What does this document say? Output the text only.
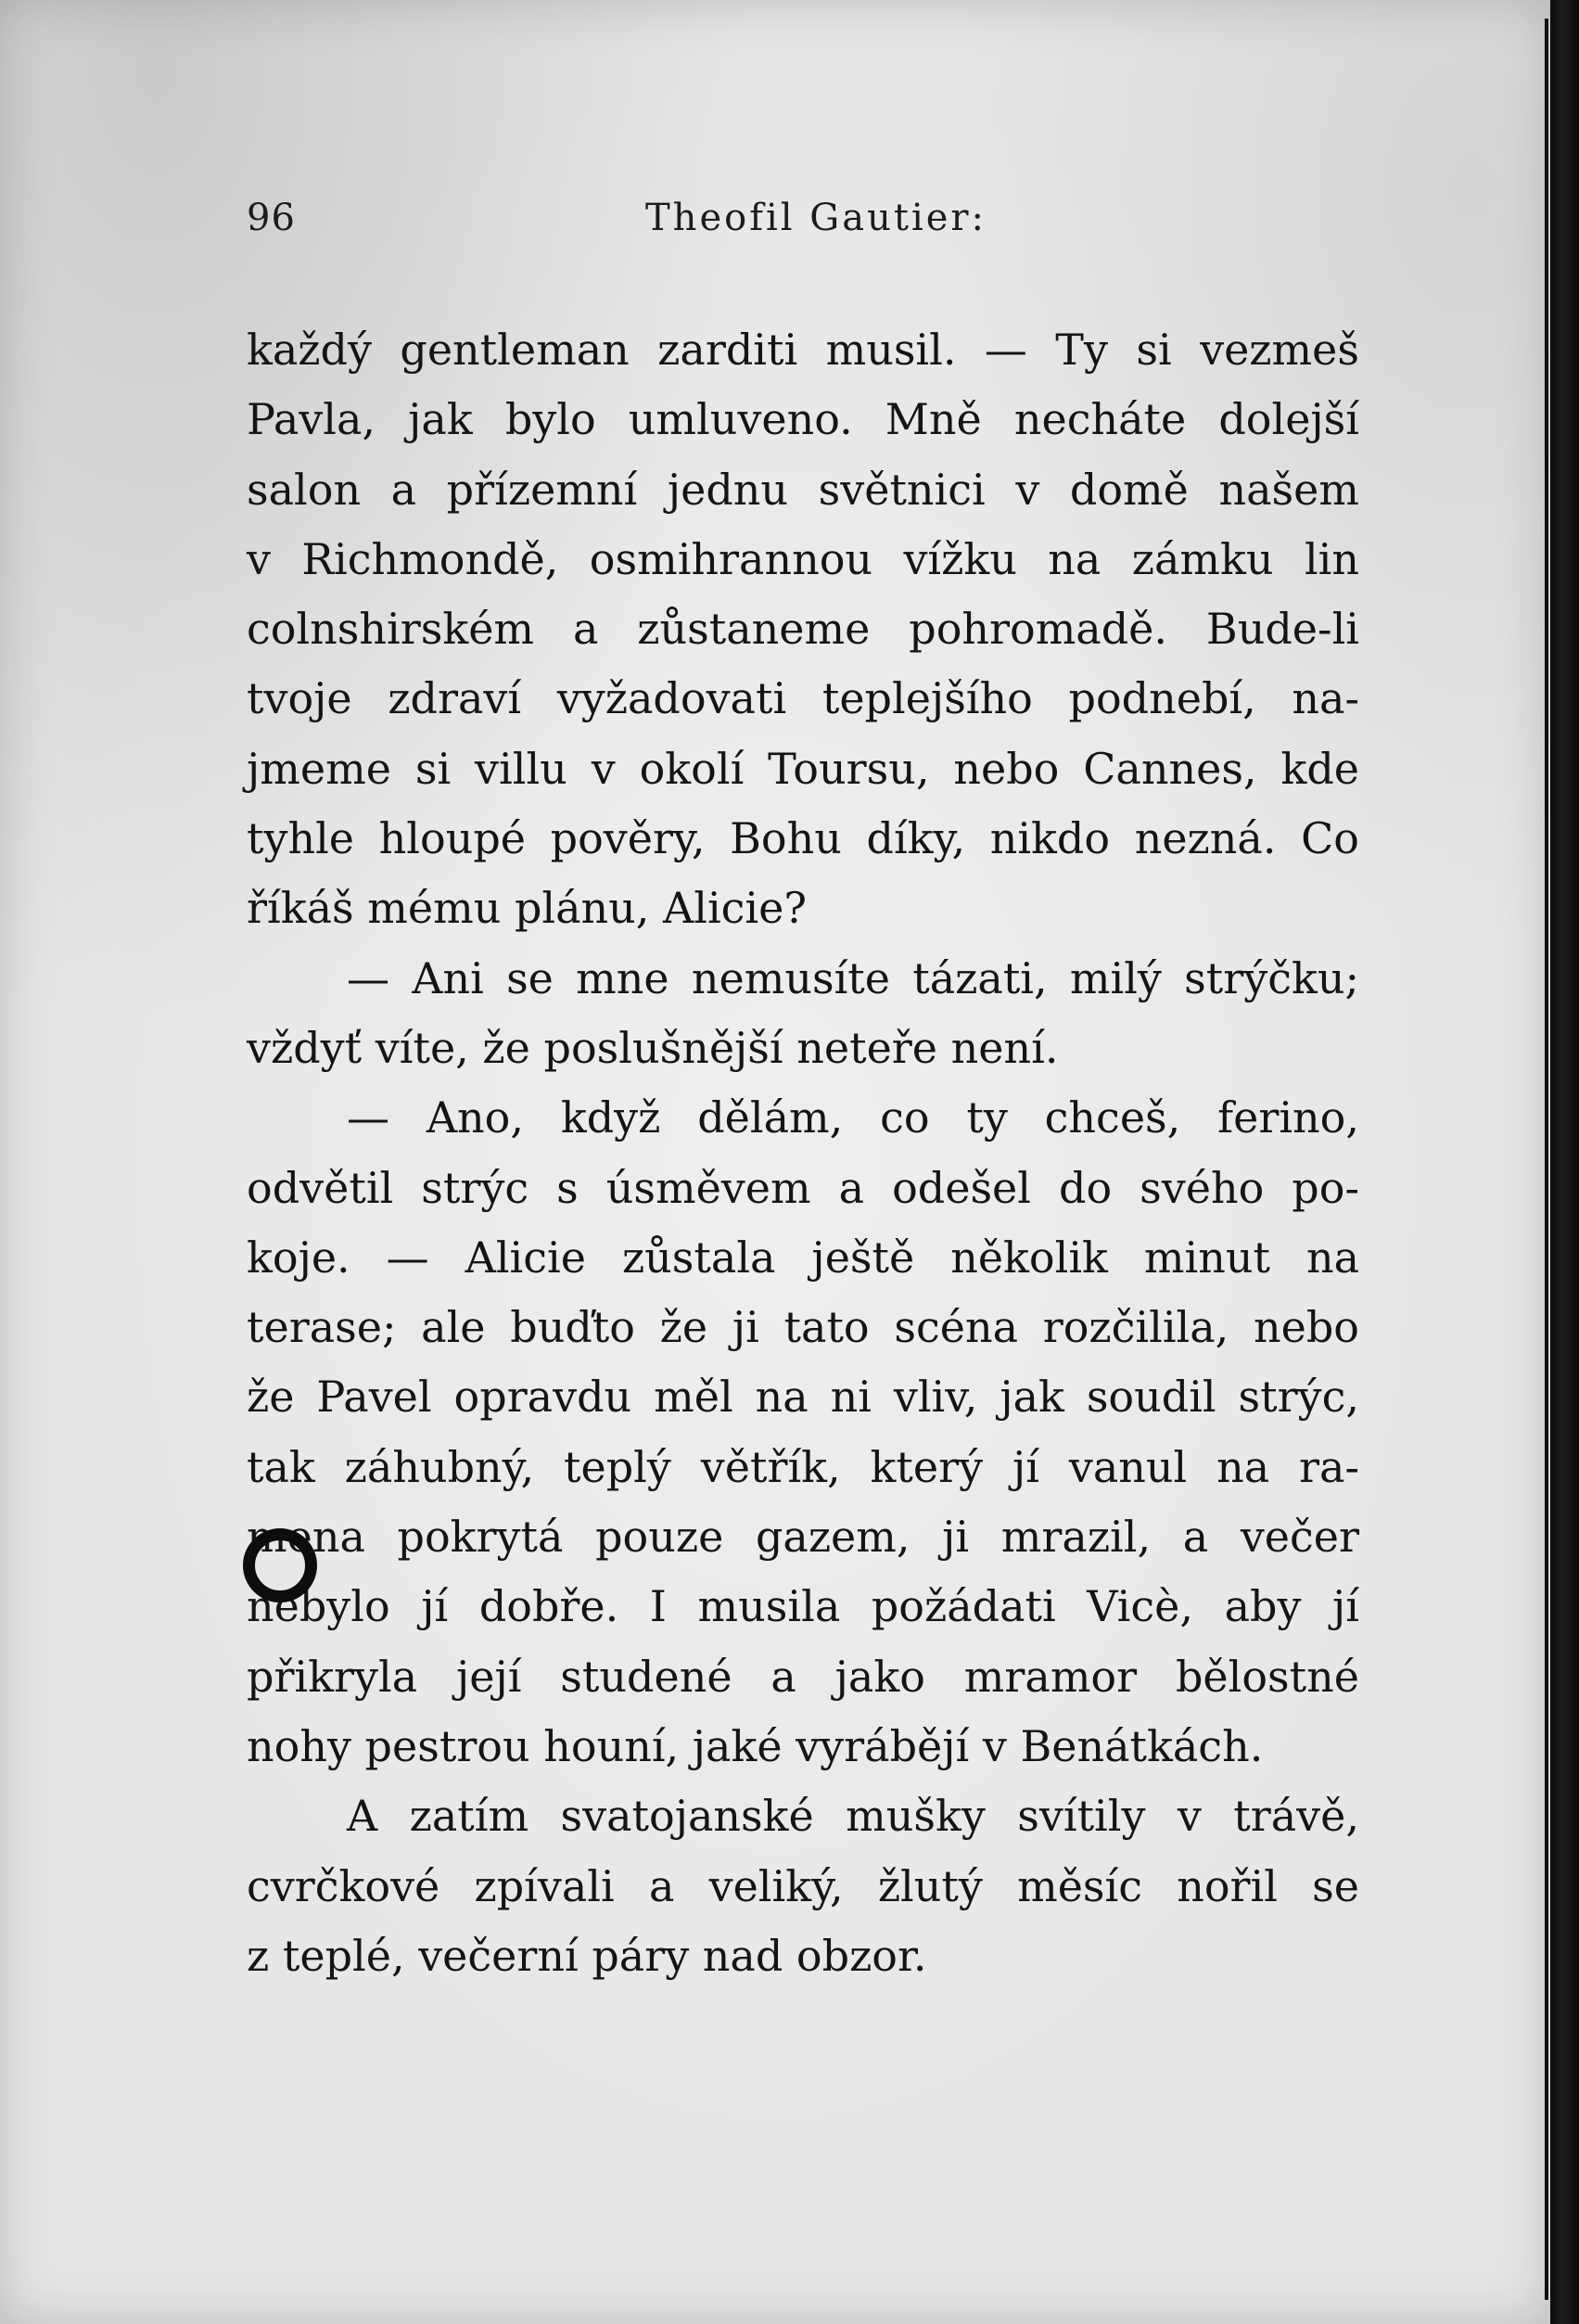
96	Theofil Gautier:
každý gentleman zarditi musil. — Ty si vezmeš
Pavla, jak bylo umluveno. Mně necháte dolejší
salon a přízemní jednu světnici v domě našem
v Richmondě, osmihrannou vížku na zámku lin
colnshirském a zůstaneme pohromadě. Bude-li
tvoje zdraví vyžadovati teplejšího podnebí, na-
jmeme si villu v okolí Toursu, nebo Cannes, kde
tyhle hloupé pověry, Bohu díky, nikdo nezná. Co
říkáš mému plánu, Alicie?
— Ani se mne nemusíte tázati, milý strýčku;
vždyť víte, že poslušnější neteře není.
— Ano, když dělám, co ty chceš, ferino,
odvětil strýc s úsměvem a odešel do svého po-
koje. — Alicie zůstala ještě několik minut na
terase; ale buďto že ji tato scéna rozčilila, nebo
že Pavel opravdu měl na ni vliv, jak soudil strýc,
tak záhubný, teplý větřík, který jí vanul na ra-
mena pokrytá pouze gazem, ji mrazil, a večer
nebylo jí dobře. I musila požádati Vicè, aby jí
přikryla její studené a jako mramor bělostné
nohy pestrou houní, jaké vyrábějí v Benátkách.
A zatím svatojanské mušky svítily v trávě,
cvrčkové zpívali a veliký, žlutý měsíc nořil se
z teplé, večerní páry nad obzor.
